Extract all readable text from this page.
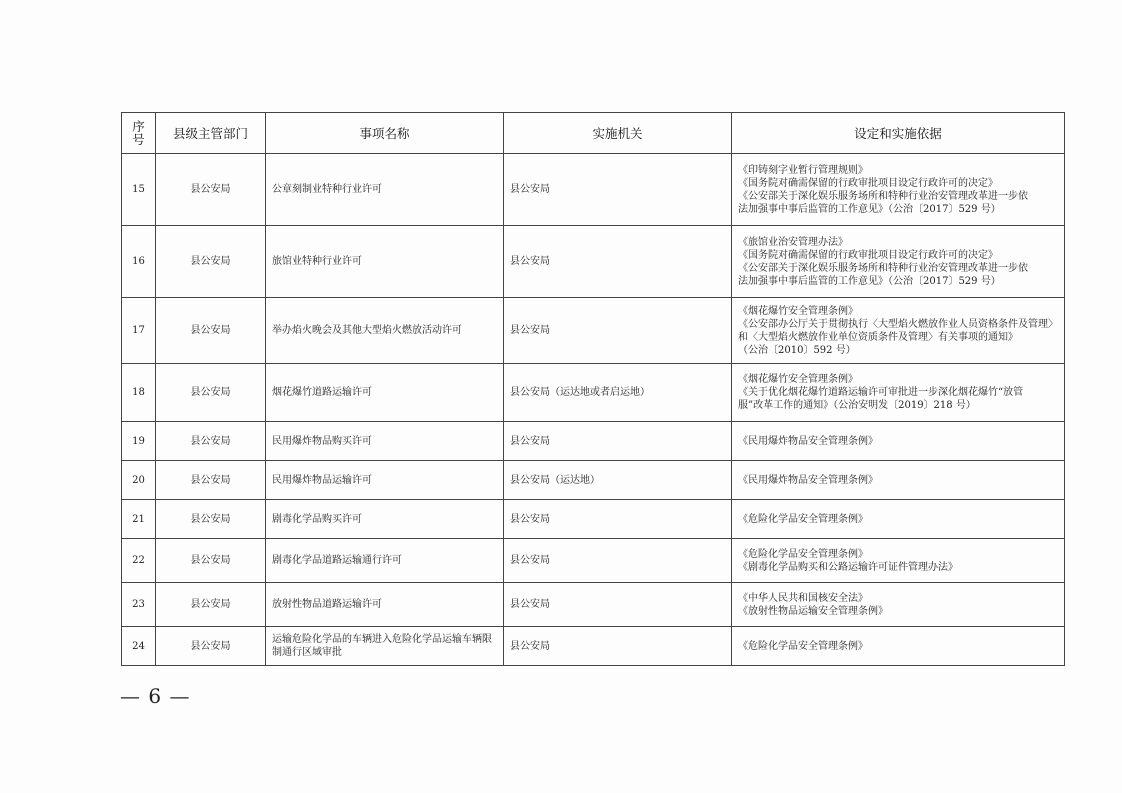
序号	县级主管部门	事项名称	实施机关	设定和实施依据
15	县公安局	公章刻制业特种行业许可	县公安局	《印铸刻字业暂行管理规则》
《国务院对确需保留的行政审批项目设定行政许可的决定》
《公安部关于深化娱乐服务场所和特种行业治安管理改革进一步依
法加强事中事后监管的工作意见》（公治〔2017〕529 号）

16	县公安局	旅馆业特种行业许可	县公安局	《旅馆业治安管理办法》
《国务院对确需保留的行政审批项目设定行政许可的决定》
《公安部关于深化娱乐服务场所和特种行业治安管理改革进一步依
法加强事中事后监管的工作意见》（公治〔2017〕529 号）

17	县公安局	举办焰火晚会及其他大型焰火燃放活动许可	县公安局	《烟花爆竹安全管理条例》
《公安部办公厅关于贯彻执行〈大型焰火燃放作业人员资格条件及管理〉
和〈大型焰火燃放作业单位资质条件及管理〉有关事项的通知》
（公治〔2010〕592 号）

18	县公安局	烟花爆竹道路运输许可	县公安局（运达地或者启运地）	《烟花爆竹安全管理条例》
《关于优化烟花爆竹道路运输许可审批进一步深化烟花爆竹“放管
服”改革工作的通知》（公治安明发〔2019〕218 号）

19	县公安局	民用爆炸物品购买许可	县公安局	《民用爆炸物品安全管理条例》

20	县公安局	民用爆炸物品运输许可	县公安局（运达地）	《民用爆炸物品安全管理条例》

21	县公安局	剧毒化学品购买许可	县公安局	《危险化学品安全管理条例》

22	县公安局	剧毒化学品道路运输通行许可	县公安局	《危险化学品安全管理条例》
《剧毒化学品购买和公路运输许可证件管理办法》

23	县公安局	放射性物品道路运输许可	县公安局	《中华人民共和国核安全法》
《放射性物品运输安全管理条例》

24	县公安局	运输危险化学品的车辆进入危险化学品运输车辆限制通行区域审批	县公安局	《危险化学品安全管理条例》
— 6 —
